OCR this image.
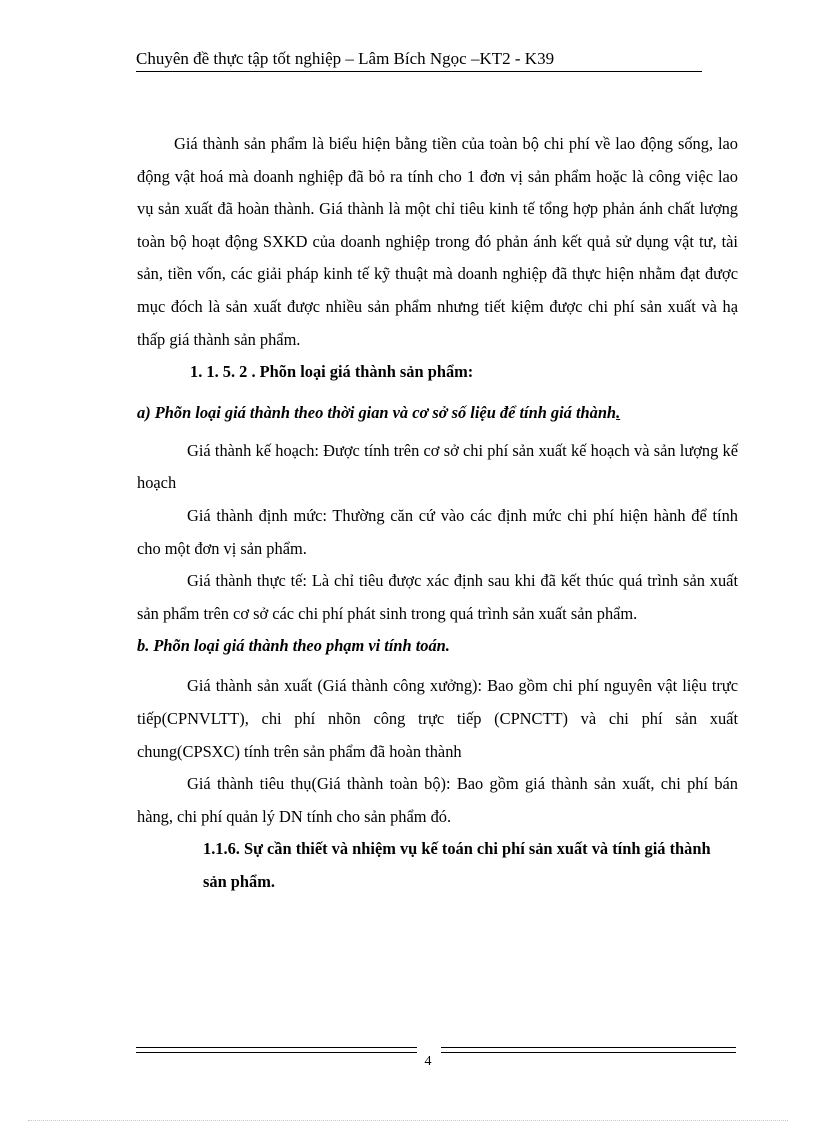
Chuyên đề thực tập tốt nghiệp – Lâm Bích Ngọc –KT2 - K39

Giá thành sản phẩm là biểu hiện bằng tiền của toàn bộ chi phí về lao động sống, lao động vật hoá mà doanh nghiệp đã bỏ ra tính cho 1 đơn vị sản phẩm hoặc là công việc lao vụ sản xuất đã hoàn thành. Giá thành là một chỉ tiêu kinh tế tổng hợp phản ánh chất lượng toàn bộ hoạt động SXKD của doanh nghiệp trong đó phản ánh kết quả sử dụng vật tư, tài sản, tiền vốn, các giải pháp kinh tế kỹ thuật mà doanh nghiệp đã thực hiện nhằm đạt được mục đóch là sản xuất được nhiều sản phẩm nhưng tiết kiệm được chi phí sản xuất và hạ thấp giá thành sản phẩm.

1. 1. 5. 2 . Phõn loại giá thành sản phẩm:

a) Phõn loại giá thành theo thời gian và cơ sở số liệu để tính giá thành.

Giá thành kế hoạch: Được tính trên cơ sở chi phí sản xuất kế hoạch và sản lượng kế hoạch

Giá thành định mức: Thường căn cứ vào các định mức chi phí hiện hành để tính cho một đơn vị sản phẩm.

Giá thành thực tế: Là chỉ tiêu được xác định sau khi đã kết thúc quá trình sản xuất sản phẩm trên cơ sở các chi phí phát sinh trong quá trình sản xuất sản phẩm.

b. Phõn loại giá thành theo phạm vi tính toán.

Giá thành sản xuất (Giá thành công xưởng): Bao gồm chi phí nguyên vật liệu trực tiếp(CPNVLTT), chi phí nhõn công trực tiếp (CPNCTT) và chi phí sản xuất chung(CPSXC) tính trên sản phẩm đã hoàn thành

Giá thành tiêu thụ(Giá thành toàn bộ): Bao gồm giá thành sản xuất, chi phí bán hàng, chi phí quản lý DN tính cho sản phẩm đó.

1.1.6. Sự cần thiết và nhiệm vụ kế toán chi phí sản xuất và tính giá thành sản phẩm.

4
